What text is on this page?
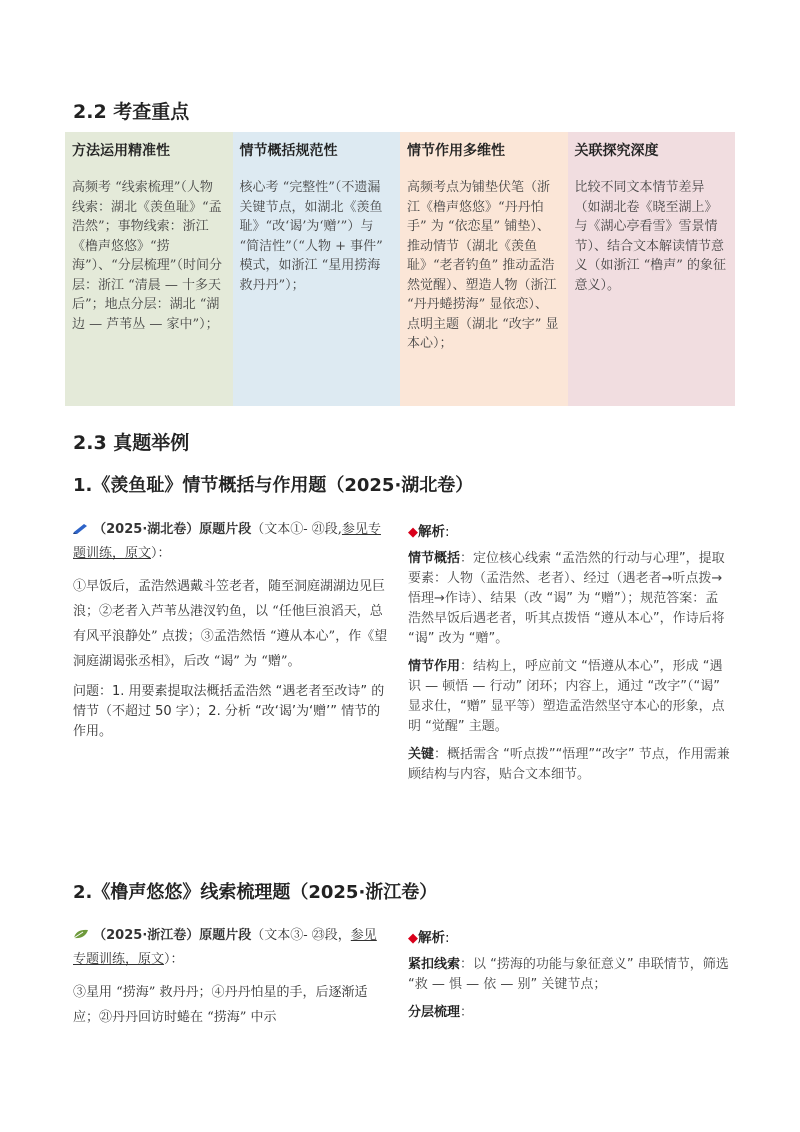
2.2 考查重点
方法运用精准性
高频考 “线索梳理”（人物线索：湖北《羡鱼耻》“孟浩然”；事物线索：浙江《橹声悠悠》“捞海”）、“分层梳理”（时间分层：浙江 “清晨 — 十多天后”；地点分层：湖北 “湖边 — 芦苇丛 — 家中”）；
情节概括规范性
核心考 “完整性”（不遗漏关键节点，如湖北《羡鱼耻》“改‘谒’为‘赠’”）与 “简洁性”（“人物 + 事件” 模式，如浙江 “星用捞海救丹丹”）；
情节作用多维性
高频考点为铺垫伏笔（浙江《橹声悠悠》“丹丹怕手” 为 “依恋星” 铺垫）、推动情节（湖北《羡鱼耻》“老者钓鱼” 推动孟浩然觉醒）、塑造人物（浙江 “丹丹蜷捞海” 显依恋）、点明主题（湖北 “改字” 显本心）；
关联探究深度
比较不同文本情节差异（如湖北卷《晓至湖上》与《湖心亭看雪》雪景情节）、结合文本解读情节意义（如浙江 “橹声” 的象征意义）。
2.3 真题举例
1.《羡鱼耻》情节概括与作用题（2025·湖北卷）
（2025·湖北卷）原题片段（文本①- ㉑段,参见专题训练，原文）：
①早饭后，孟浩然遇戴斗笠老者，随至洞庭湖湖边见巨浪；②老者入芦苇丛港汊钓鱼，以 “任他巨浪滔天，总有风平浪静处” 点拨；③孟浩然悟 “遵从本心”，作《望洞庭湖谒张丞相》，后改 “谒” 为 “赠”。
问题：1. 用要素提取法概括孟浩然 “遇老者至改诗” 的情节（不超过 50 字）；2. 分析 “改‘谒’为‘赠’” 情节的作用。
◆解析:
情节概括：定位核心线索 “孟浩然的行动与心理”，提取要素：人物（孟浩然、老者）、经过（遇老者→听点拨→悟理→作诗）、结果（改 “谒” 为 “赠”）；规范答案：孟浩然早饭后遇老者，听其点拨悟 “遵从本心”，作诗后将 “谒” 改为 “赠”。
情节作用：结构上，呼应前文 “悟遵从本心”，形成 “遇识 — 顿悟 — 行动” 闭环；内容上，通过 “改字”（“谒” 显求仕，“赠” 显平等）塑造孟浩然坚守本心的形象，点明 “觉醒” 主题。
关键：概括需含 “听点拨”“悟理”“改字” 节点，作用需兼顾结构与内容，贴合文本细节。
2.《橹声悠悠》线索梳理题（2025·浙江卷）
（2025·浙江卷）原题片段（文本③- ㉓段，参见专题训练，原文）：
③星用 “捞海” 救丹丹；④丹丹怕星的手，后逐渐适应；㉑丹丹回访时蜷在 “捞海” 中示
◆解析:
紧扣线索：以 “捞海的功能与象征意义” 串联情节，筛选 “救 — 惧 — 依 — 别” 关键节点；
分层梳理：
